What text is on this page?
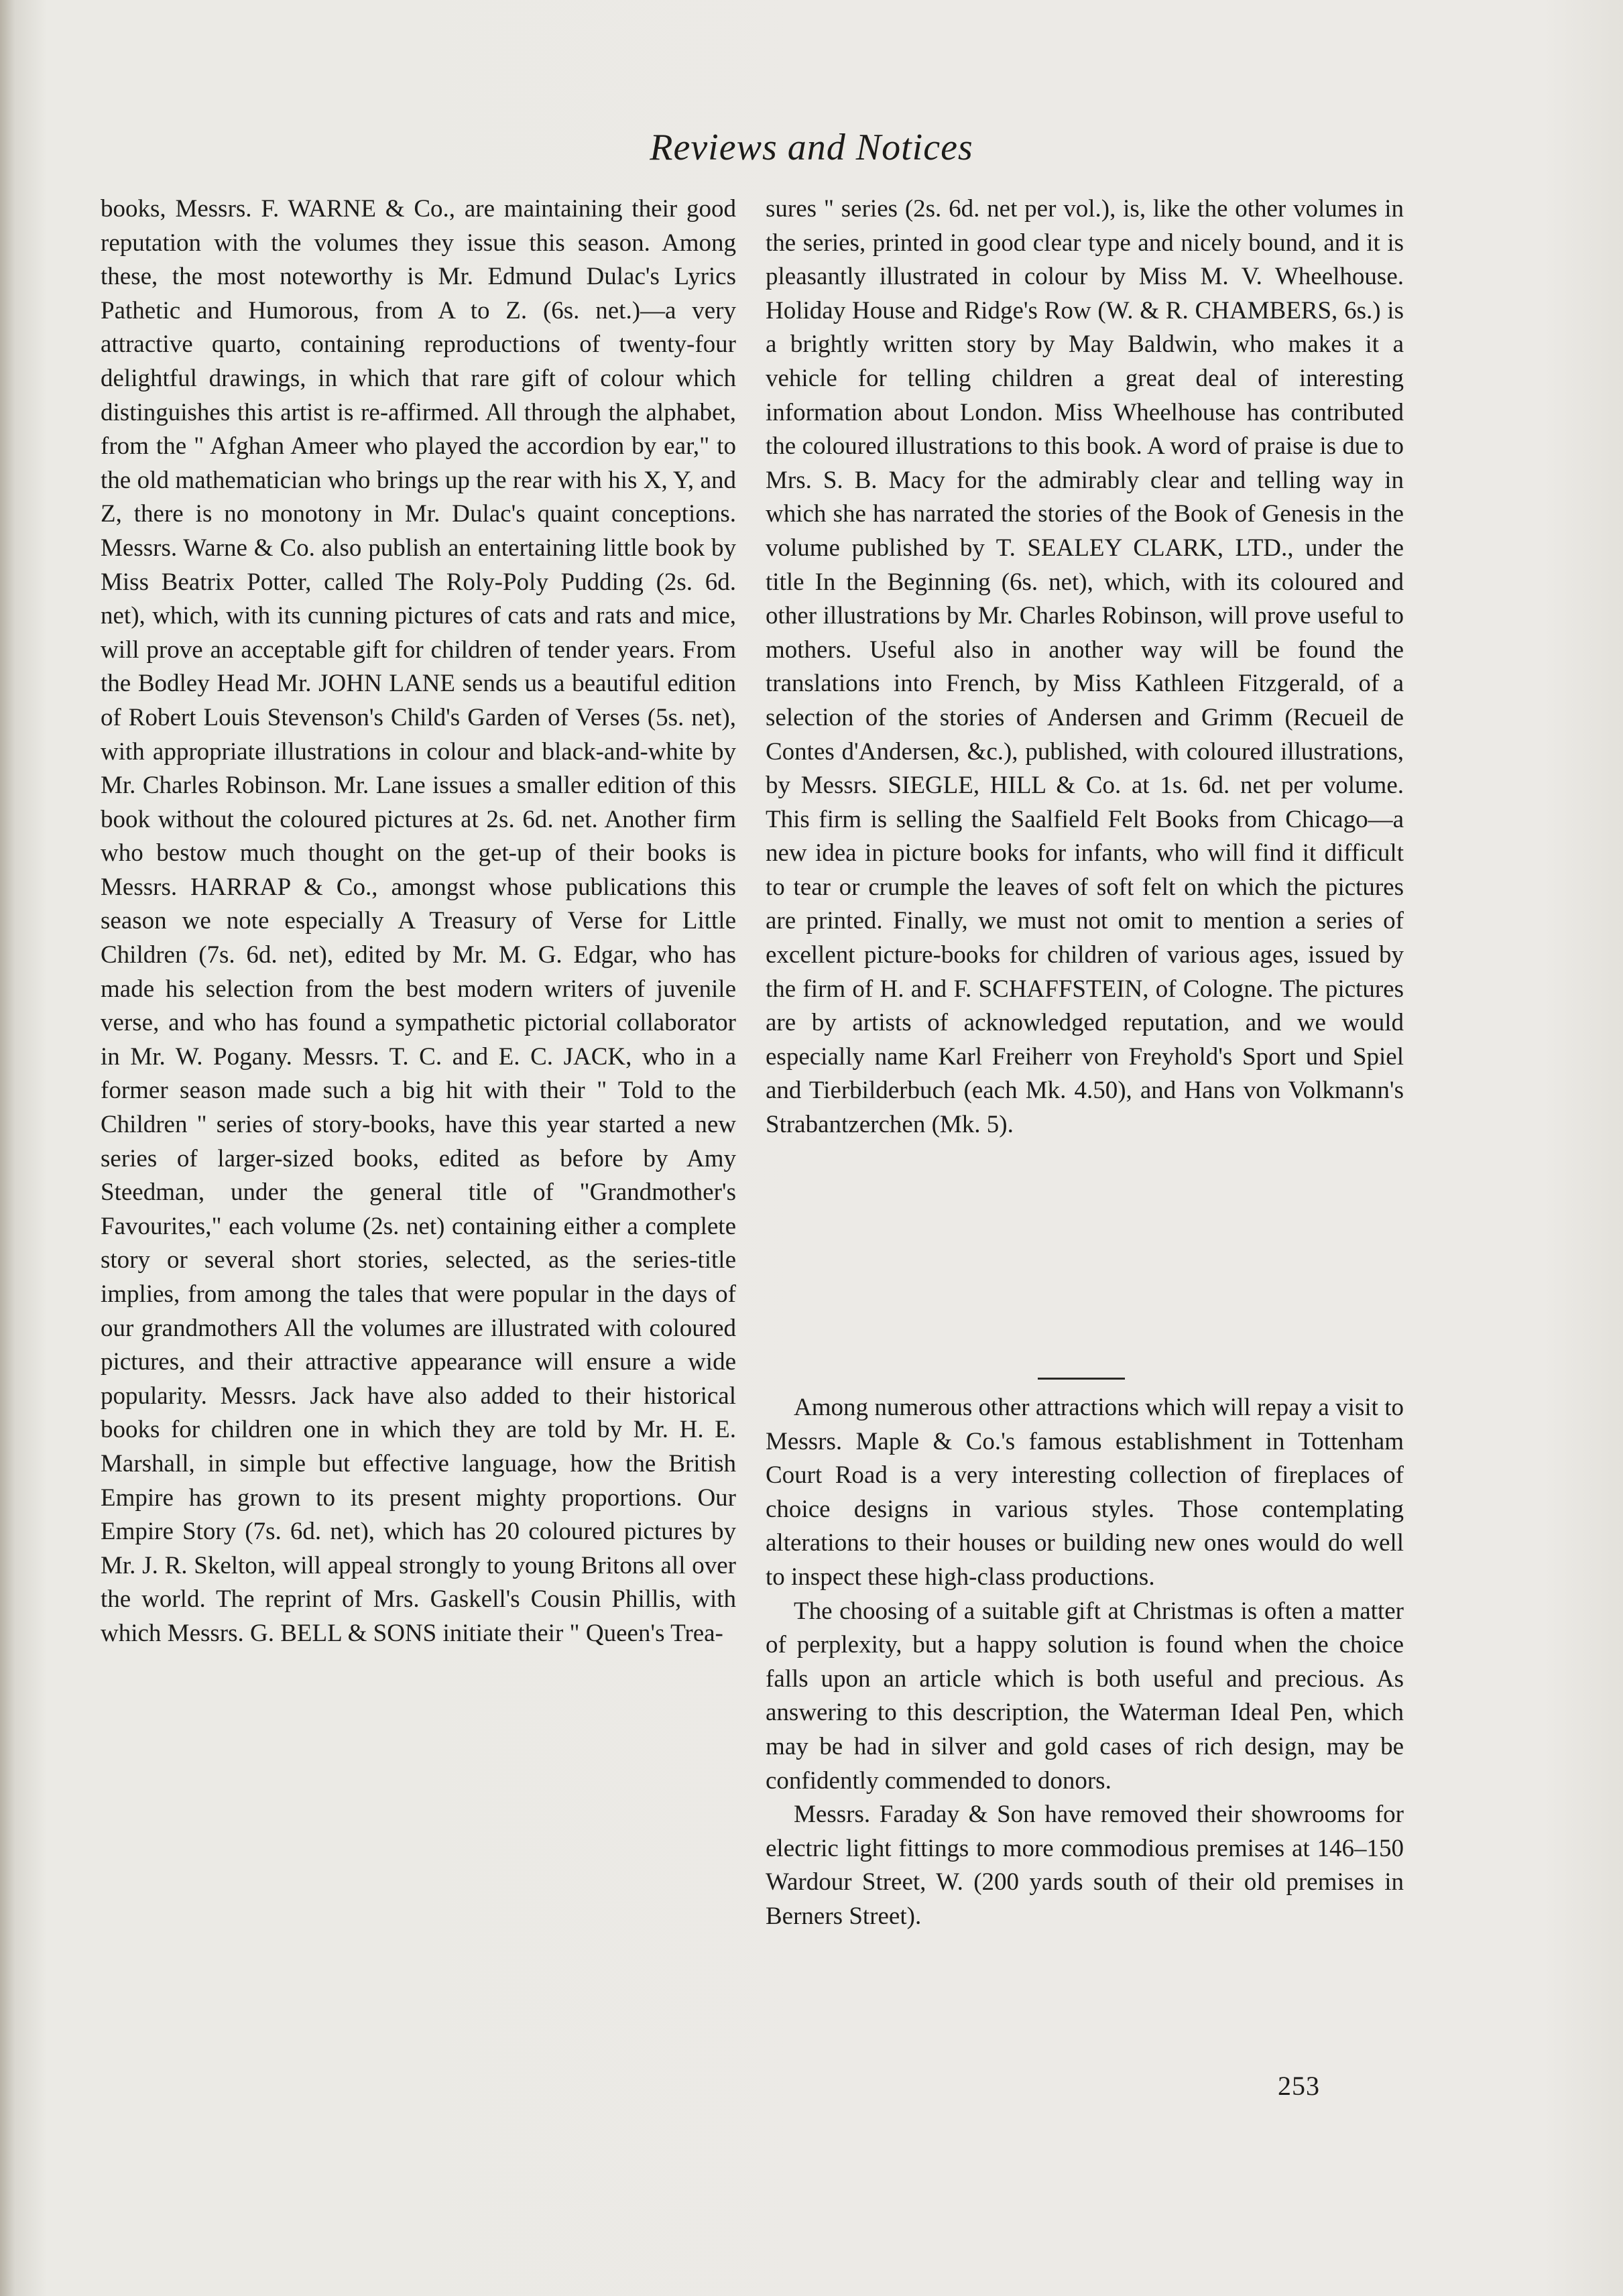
Reviews and Notices

books, Messrs. F. WARNE & Co., are maintaining their good reputation with the volumes they issue this season. Among these, the most noteworthy is Mr. Edmund Dulac's Lyrics Pathetic and Humorous, from A to Z. (6s. net.)—a very attractive quarto, containing reproductions of twenty-four delightful drawings, in which that rare gift of colour which distinguishes this artist is re-affirmed. All through the alphabet, from the " Afghan Ameer who played the accordion by ear," to the old mathematician who brings up the rear with his X, Y, and Z, there is no monotony in Mr. Dulac's quaint conceptions. Messrs. Warne & Co. also publish an entertaining little book by Miss Beatrix Potter, called The Roly-Poly Pudding (2s. 6d. net), which, with its cunning pictures of cats and rats and mice, will prove an acceptable gift for children of tender years. From the Bodley Head Mr. JOHN LANE sends us a beautiful edition of Robert Louis Stevenson's Child's Garden of Verses (5s. net), with appropriate illustrations in colour and black-and-white by Mr. Charles Robinson. Mr. Lane issues a smaller edition of this book without the coloured pictures at 2s. 6d. net. Another firm who bestow much thought on the get-up of their books is Messrs. HARRAP & Co., amongst whose publications this season we note especially A Treasury of Verse for Little Children (7s. 6d. net), edited by Mr. M. G. Edgar, who has made his selection from the best modern writers of juvenile verse, and who has found a sympathetic pictorial collaborator in Mr. W. Pogany. Messrs. T. C. and E. C. JACK, who in a former season made such a big hit with their " Told to the Children " series of story-books, have this year started a new series of larger-sized books, edited as before by Amy Steedman, under the general title of "Grandmother's Favourites," each volume (2s. net) containing either a complete story or several short stories, selected, as the series-title implies, from among the tales that were popular in the days of our grandmothers All the volumes are illustrated with coloured pictures, and their attractive appearance will ensure a wide popularity. Messrs. Jack have also added to their historical books for children one in which they are told by Mr. H. E. Marshall, in simple but effective language, how the British Empire has grown to its present mighty proportions. Our Empire Story (7s. 6d. net), which has 20 coloured pictures by Mr. J. R. Skelton, will appeal strongly to young Britons all over the world. The reprint of Mrs. Gaskell's Cousin Phillis, with which Messrs. G. BELL & SONS initiate their " Queen's Trea-

sures " series (2s. 6d. net per vol.), is, like the other volumes in the series, printed in good clear type and nicely bound, and it is pleasantly illustrated in colour by Miss M. V. Wheelhouse. Holiday House and Ridge's Row (W. & R. CHAMBERS, 6s.) is a brightly written story by May Baldwin, who makes it a vehicle for telling children a great deal of interesting information about London. Miss Wheelhouse has contributed the coloured illustrations to this book. A word of praise is due to Mrs. S. B. Macy for the admirably clear and telling way in which she has narrated the stories of the Book of Genesis in the volume published by T. SEALEY CLARK, LTD., under the title In the Beginning (6s. net), which, with its coloured and other illustrations by Mr. Charles Robinson, will prove useful to mothers. Useful also in another way will be found the translations into French, by Miss Kathleen Fitzgerald, of a selection of the stories of Andersen and Grimm (Recueil de Contes d'Andersen, &c.), published, with coloured illustrations, by Messrs. SIEGLE, HILL & Co. at 1s. 6d. net per volume. This firm is selling the Saalfield Felt Books from Chicago—a new idea in picture books for infants, who will find it difficult to tear or crumple the leaves of soft felt on which the pictures are printed. Finally, we must not omit to mention a series of excellent picture-books for children of various ages, issued by the firm of H. and F. SCHAFFSTEIN, of Cologne. The pictures are by artists of acknowledged reputation, and we would especially name Karl Freiherr von Freyhold's Sport und Spiel and Tierbilderbuch (each Mk. 4.50), and Hans von Volkmann's Strabantzerchen (Mk. 5).

Among numerous other attractions which will repay a visit to Messrs. Maple & Co.'s famous establishment in Tottenham Court Road is a very interesting collection of fireplaces of choice designs in various styles. Those contemplating alterations to their houses or building new ones would do well to inspect these high-class productions.

The choosing of a suitable gift at Christmas is often a matter of perplexity, but a happy solution is found when the choice falls upon an article which is both useful and precious. As answering to this description, the Waterman Ideal Pen, which may be had in silver and gold cases of rich design, may be confidently commended to donors.

Messrs. Faraday & Son have removed their showrooms for electric light fittings to more commodious premises at 146–150 Wardour Street, W. (200 yards south of their old premises in Berners Street).

253
